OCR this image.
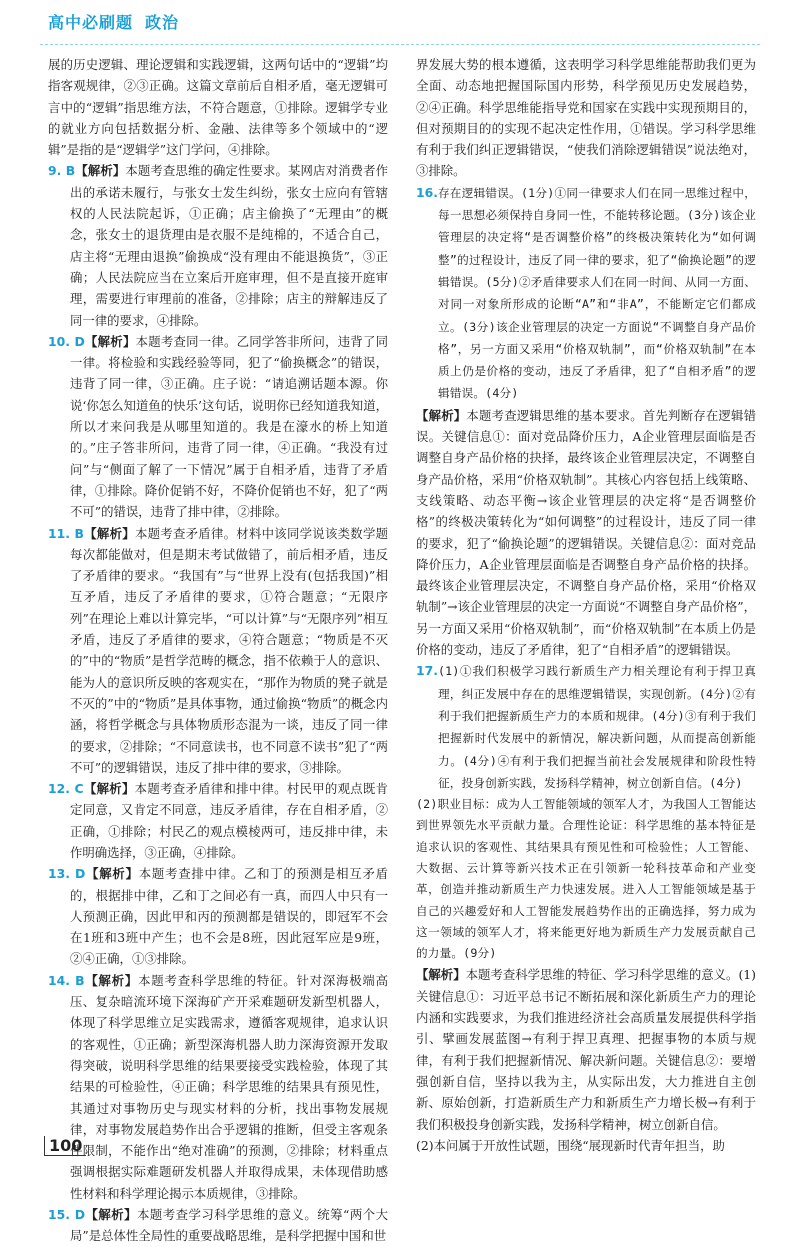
高中必刷题 政治

展的历史逻辑、理论逻辑和实践逻辑，这两句话中的“逻辑”均指客观规律，②③正确。这篇文章前后自相矛盾，毫无逻辑可言中的“逻辑”指思维方法，不符合题意，①排除。逻辑学专业的就业方向包括数据分析、金融、法律等多个领域中的“逻辑”是指的是“逻辑学”这门学问，④排除。

9. B【解析】本题考查思维的确定性要求。某网店对消费者作出的承诺未履行，与张女士发生纠纷，张女士应向有管辖权的人民法院起诉，①正确；店主偷换了“无理由”的概念，张女士的退货理由是衣服不是纯棉的，不适合自己，店主将“无理由退换”偷换成“没有理由不能退换货”，③正确；人民法院应当在立案后开庭审理，但不是直接开庭审理，需要进行审理前的准备，②排除；店主的辩解违反了同一律的要求，④排除。

10. D【解析】本题考查同一律。乙同学答非所问，违背了同一律。将检验和实践经验等同，犯了“偷换概念”的错误，违背了同一律，③正确。庄子说：“请追溯话题本源。你说‘你怎么知道鱼的快乐’这句话，说明你已经知道我知道，所以才来问我是从哪里知道的。我是在濠水的桥上知道的。”庄子答非所问，违背了同一律，④正确。“我没有过问”与“侧面了解了一下情况”属于自相矛盾，违背了矛盾律，①排除。降价促销不好，不降价促销也不好，犯了“两不可”的错误，违背了排中律，②排除。

11. B【解析】本题考查矛盾律。材料中该同学说该类数学题每次都能做对，但是期末考试做错了，前后相矛盾，违反了矛盾律的要求。“我国有”与“世界上没有(包括我国)”相互矛盾，违反了矛盾律的要求，①符合题意；“无限序列”在理论上难以计算完毕，“可以计算”与“无限序列”相互矛盾，违反了矛盾律的要求，④符合题意；“物质是不灭的”中的“物质”是哲学范畴的概念，指不依赖于人的意识、能为人的意识所反映的客观实在，“那作为物质的凳子就是不灭的”中的“物质”是具体事物，通过偷换“物质”的概念内涵，将哲学概念与具体物质形态混为一谈，违反了同一律的要求，②排除；“不同意读书，也不同意不读书”犯了“两不可”的逻辑错误，违反了排中律的要求，③排除。

12. C【解析】本题考查矛盾律和排中律。村民甲的观点既肯定同意，又肯定不同意，违反矛盾律，存在自相矛盾，②正确，①排除；村民乙的观点模棱两可，违反排中律，未作明确选择，③正确，④排除。

13. D【解析】本题考查排中律。乙和丁的预测是相互矛盾的，根据排中律，乙和丁之间必有一真，而四人中只有一人预测正确，因此甲和丙的预测都是错误的，即冠军不会在1班和3班中产生；也不会是8班，因此冠军应是9班，②④正确，①③排除。

14. B【解析】本题考查科学思维的特征。针对深海极端高压、复杂暗流环境下深海矿产开采难题研发新型机器人，体现了科学思维立足实践需求，遵循客观规律，追求认识的客观性，①正确；新型深海机器人助力深海资源开发取得突破，说明科学思维的结果要接受实践检验，体现了其结果的可检验性，④正确；科学思维的结果具有预见性，其通过对事物历史与现实材料的分析，找出事物发展规律，对事物发展趋势作出合乎逻辑的推断，但受主客观条件限制，不能作出“绝对准确”的预测，②排除；材料重点强调根据实际难题研发机器人并取得成果，未体现借助感性材料和科学理论揭示本质规律，③排除。

15. D【解析】本题考查学习科学思维的意义。统筹“两个大局”是总体性全局性的重要战略思维，是科学把握中国和世

界发展大势的根本遵循，这表明学习科学思维能帮助我们更为全面、动态地把握国际国内形势，科学预见历史发展趋势，②④正确。科学思维能指导党和国家在实践中实现预期目的，但对预期目的的实现不起决定性作用，①错误。学习科学思维有利于我们纠正逻辑错误，“使我们消除逻辑错误”说法绝对，③排除。

16.存在逻辑错误。(1分)①同一律要求人们在同一思维过程中，每一思想必须保持自身同一性，不能转移论题。(3分)该企业管理层的决定将“是否调整价格”的终极决策转化为“如何调整”的过程设计，违反了同一律的要求，犯了“偷换论题”的逻辑错误。(5分)②矛盾律要求人们在同一时间、从同一方面、对同一对象所形成的论断“A”和“非A”，不能断定它们都成立。(3分)该企业管理层的决定一方面说“不调整自身产品价格”，另一方面又采用“价格双轨制”，而“价格双轨制”在本质上仍是价格的变动，违反了矛盾律，犯了“自相矛盾”的逻辑错误。(4分)

【解析】本题考查逻辑思维的基本要求。首先判断存在逻辑错误。关键信息①：面对竞品降价压力，A企业管理层面临是否调整自身产品价格的抉择，最终该企业管理层决定，不调整自身产品价格，采用“价格双轨制”。其核心内容包括上线策略、支线策略、动态平衡→该企业管理层的决定将“是否调整价格”的终极决策转化为“如何调整”的过程设计，违反了同一律的要求，犯了“偷换论题”的逻辑错误。关键信息②：面对竞品降价压力，A企业管理层面临是否调整自身产品价格的抉择。最终该企业管理层决定，不调整自身产品价格，采用“价格双轨制”→该企业管理层的决定一方面说“不调整自身产品价格”，另一方面又采用“价格双轨制”，而“价格双轨制”在本质上仍是价格的变动，违反了矛盾律，犯了“自相矛盾”的逻辑错误。

17.(1)①我们积极学习践行新质生产力相关理论有利于捍卫真理，纠正发展中存在的思维逻辑错误，实现创新。(4分)②有利于我们把握新质生产力的本质和规律。(4分)③有利于我们把握新时代发展中的新情况，解决新问题，从而提高创新能力。(4分)④有利于我们把握当前社会发展规律和阶段性特征，投身创新实践，发扬科学精神，树立创新自信。(4分)

(2)职业目标：成为人工智能领域的领军人才，为我国人工智能达到世界领先水平贡献力量。合理性论证：科学思维的基本特征是追求认识的客观性、其结果具有预见性和可检验性；人工智能、大数据、云计算等新兴技术正在引领新一轮科技革命和产业变革，创造并推动新质生产力快速发展。进入人工智能领域是基于自己的兴趣爱好和人工智能发展趋势作出的正确选择，努力成为这一领域的领军人才，将来能更好地为新质生产力发展贡献自己的力量。(9分)

【解析】本题考查科学思维的特征、学习科学思维的意义。(1)关键信息①：习近平总书记不断拓展和深化新质生产力的理论内涵和实践要求，为我们推进经济社会高质量发展提供科学指引、擘画发展蓝图→有利于捍卫真理、把握事物的本质与规律，有利于我们把握新情况、解决新问题。关键信息②：要增强创新自信，坚持以我为主，从实际出发，大力推进自主创新、原始创新，打造新质生产力和新质生产力增长极→有利于我们积极投身创新实践，发扬科学精神，树立创新自信。

(2)本问属于开放性试题，围绕“展现新时代青年担当，助

100
